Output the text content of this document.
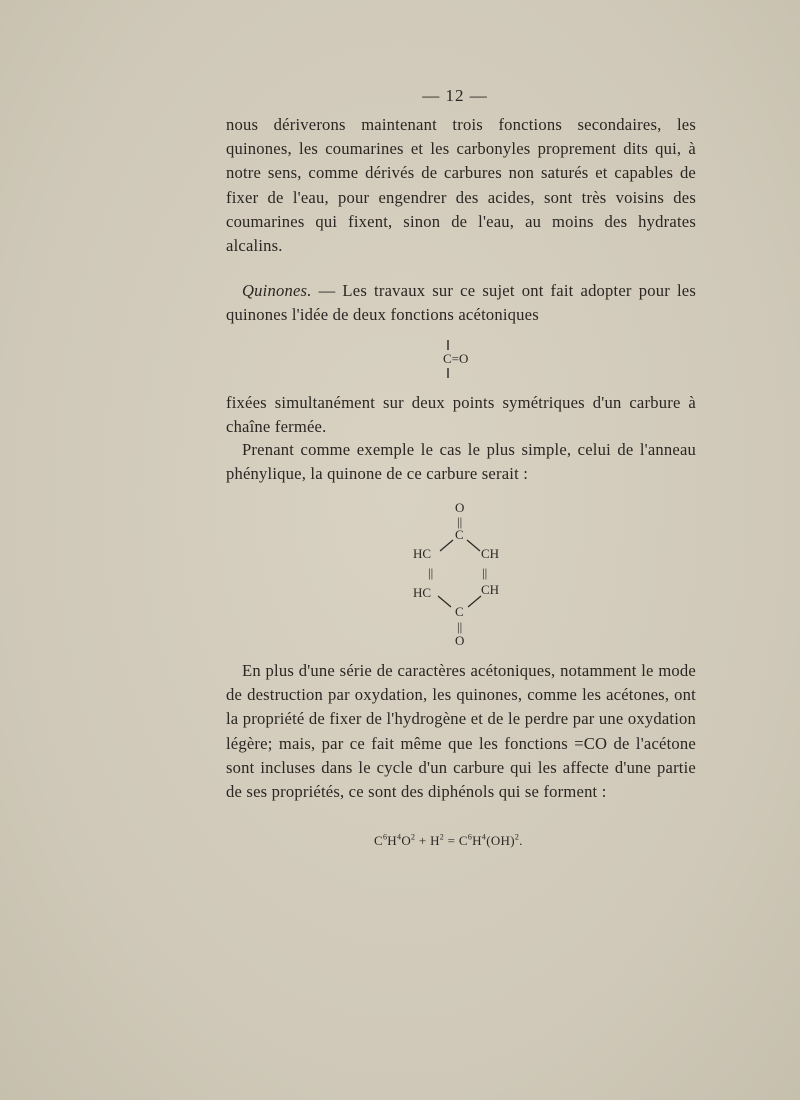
— 12 —
nous dériverons maintenant trois fonctions secondaires, les quinones, les coumarines et les carbonyles proprement dits qui, à notre sens, comme dérivés de carbures non saturés et capables de fixer de l'eau, pour engendrer des acides, sont très voisins des coumarines qui fixent, sinon de l'eau, au moins des hydrates alcalins.
Quinones. — Les travaux sur ce sujet ont fait adopter pour les quinones l'idée de deux fonctions acétoniques
C=O
fixées simultanément sur deux points symétriques d'un carbure à chaîne fermée.
Prenant comme exemple le cas le plus simple, celui de l'anneau phénylique, la quinone de ce carbure serait :
O
||
C
HC	CH
||	||
HC	CH
C
||
O
En plus d'une série de caractères acétoniques, notamment le mode de destruction par oxydation, les quinones, comme les acétones, ont la propriété de fixer de l'hydrogène et de le perdre par une oxydation légère; mais, par ce fait même que les fonctions =CO de l'acétone sont incluses dans le cycle d'un carbure qui les affecte d'une partie de ses propriétés, ce sont des diphénols qui se forment :
$C^6H^4O^2 + H^2 = C^6H^4(OH)^2$.
